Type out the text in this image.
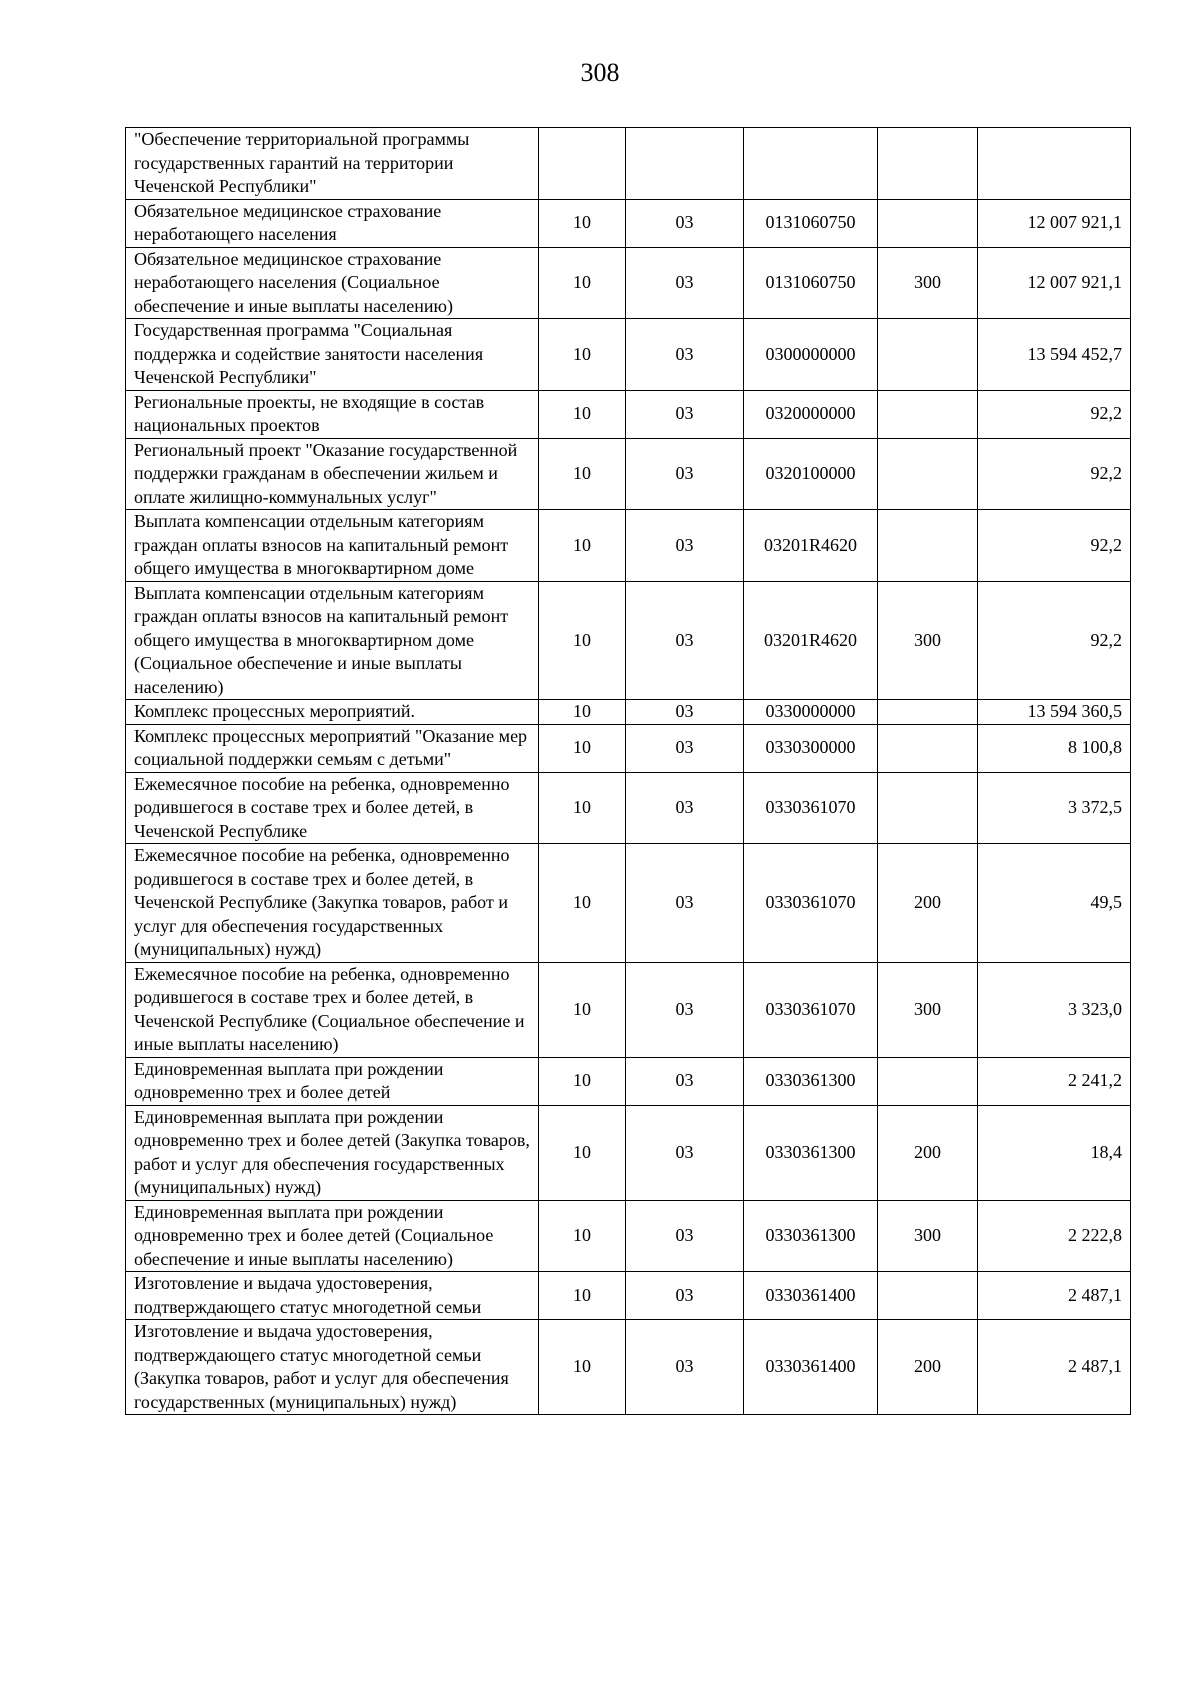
308
"Обеспечение территориальной программы государственных гарантий на территории Чеченской Республики"					
Обязательное медицинское страхование неработающего населения	10	03	0131060750		12 007 921,1
Обязательное медицинское страхование неработающего населения (Социальное обеспечение и иные выплаты населению)	10	03	0131060750	300	12 007 921,1
Государственная программа "Социальная поддержка и содействие занятости населения Чеченской Республики"	10	03	0300000000		13 594 452,7
Региональные проекты, не входящие в состав национальных проектов	10	03	0320000000		92,2
Региональный проект "Оказание государственной поддержки гражданам в обеспечении жильем и оплате жилищно-коммунальных услуг"	10	03	0320100000		92,2
Выплата компенсации отдельным категориям граждан оплаты взносов на капитальный ремонт общего имущества в многоквартирном доме	10	03	03201R4620		92,2
Выплата компенсации отдельным категориям граждан оплаты взносов на капитальный ремонт общего имущества в многоквартирном доме (Социальное обеспечение и иные выплаты населению)	10	03	03201R4620	300	92,2
Комплекс процессных мероприятий.	10	03	0330000000		13 594 360,5
Комплекс процессных мероприятий "Оказание мер социальной поддержки семьям с детьми"	10	03	0330300000		8 100,8
Ежемесячное пособие на ребенка, одновременно родившегося в составе трех и более детей, в Чеченской Республике	10	03	0330361070		3 372,5
Ежемесячное пособие на ребенка, одновременно родившегося в составе трех и более детей, в Чеченской Республике (Закупка товаров, работ и услуг для обеспечения государственных (муниципальных) нужд)	10	03	0330361070	200	49,5
Ежемесячное пособие на ребенка, одновременно родившегося в составе трех и более детей, в Чеченской Республике (Социальное обеспечение и иные выплаты населению)	10	03	0330361070	300	3 323,0
Единовременная выплата при рождении одновременно трех и более детей	10	03	0330361300		2 241,2
Единовременная выплата при рождении одновременно трех и более детей (Закупка товаров, работ и услуг для обеспечения государственных (муниципальных) нужд)	10	03	0330361300	200	18,4
Единовременная выплата при рождении одновременно трех и более детей (Социальное обеспечение и иные выплаты населению)	10	03	0330361300	300	2 222,8
Изготовление и выдача удостоверения, подтверждающего статус многодетной семьи	10	03	0330361400		2 487,1
Изготовление и выдача удостоверения, подтверждающего статус многодетной семьи (Закупка товаров, работ и услуг для обеспечения государственных (муниципальных) нужд)	10	03	0330361400	200	2 487,1
